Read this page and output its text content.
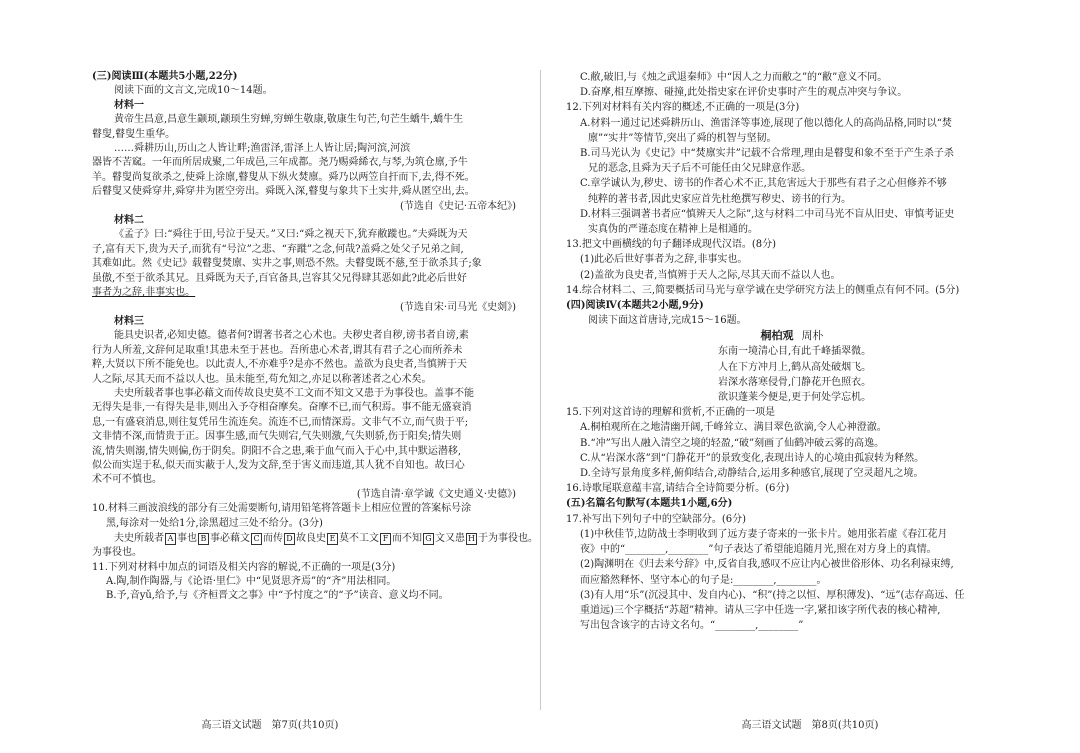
(三)阅读Ⅲ(本题共5小题,22分)
阅读下面的文言文,完成10～14题。
材料一
黄帝生昌意,昌意生颛顼,颛顼生穷蝉,穷蝉生敬康,敬康生句芒,句芒生蟜牛,蟜牛生
瞽叟,瞽叟生重华。
……舜耕历山,历山之人皆让畔;渔雷泽,雷泽上人皆让居;陶河滨,河滨
器皆不苦窳。一年而所居成聚,二年成邑,三年成都。尧乃赐舜絺衣,与琴,为筑仓廪,予牛
羊。瞽叟尚复欲杀之,使舜上涂廪,瞽叟从下纵火焚廪。舜乃以两笠自扞而下,去,得不死。
后瞽叟又使舜穿井,舜穿井为匿空旁出。舜既入深,瞽叟与象共下土实井,舜从匿空出,去。
(节选自《史记·五帝本纪》)
材料二
《孟子》曰:“舜往于田,号泣于旻天。”又曰:“舜之视天下,犹弃敝蹝也。”夫舜既为天
子,富有天下,贵为天子,而犹有“号泣”之悲、“弃蹝”之念,何哉?盖舜之处父子兄弟之间,
其难如此。然《史记》载瞽叟焚廪、实井之事,则恐不然。夫瞽叟既不慈,至于欲杀其子;象
虽傲,不至于欲杀其兄。且舜既为天子,百官备具,岂容其父兄得肆其恶如此?此必后世好
事者为之辞,非事实也。
(节选自宋·司马光《史剡》)
材料三
能具史识者,必知史德。德者何?谓著书者之心术也。夫秽史者自秽,谤书者自谤,素
行为人所羞,文辞何足取重!其患未至于甚也。吾所患心术者,谓其有君子之心而所养未
粹,大贤以下所不能免也。以此责人,不亦难乎?是亦不然也。盖欲为良史者,当慎辨于天
人之际,尽其天而不益以人也。虽未能至,苟允知之,亦足以称著述者之心术矣。
夫史所载者事也事必藉文而传故良史莫不工文而不知文又患于为事役也。盖事不能
无得失是非,一有得失是非,则出入予夺相奋摩矣。奋摩不已,而气积焉。事不能无盛衰消
息,一有盛衰消息,则往复凭吊生流连矣。流连不已,而情深焉。文非气不立,而气贵于平;
文非情不深,而情贵于正。因事生感,而气失则宕,气失则激,气失则骄,伤于阳矣;情失则
流,情失则溺,情失则偏,伤于阴矣。阴阳不合之患,乘于血气而入于心中,其中默运潜移,
似公而实逞于私,似天而实蔽于人,发为文辞,至于害义而违道,其人犹不自知也。故曰心
术不可不慎也。
(节选自清·章学诚《文史通义·史德》)
10.材料三画波浪线的部分有三处需要断句,请用铅笔将答题卡上相应位置的答案标号涂
黑,每涂对一处给1分,涂黑超过三处不给分。(3分)
夫史所载者 A 事也 B 事必藉文 C 而传 D 故良史 E 莫不工文 F 而不知 G 文又患 H 于为事役也。
为事役也。
11.下列对材料中加点的词语及相关内容的解说,不正确的一项是(3分)
A.陶,制作陶器,与《论语·里仁》中“见贤思齐焉”的“齐”用法相同。
B.予,音yǔ,给予,与《齐桓晋文之事》中“予忖度之”的“予”读音、意义均不同。
C.敝,破旧,与《烛之武退秦师》中“因人之力而敝之”的“敝”意义不同。
D.奋摩,相互摩擦、碰撞,此处指史家在评价史事时产生的观点冲突与争议。
12.下列对材料有关内容的概述,不正确的一项是(3分)
A.材料一通过记述舜耕历山、渔雷泽等事迹,展现了他以德化人的高尚品格,同时以“焚
廪”“实井”等情节,突出了舜的机智与坚韧。
B.司马光认为《史记》中“焚廪实井”记载不合常理,理由是瞽叟和象不至于产生杀子杀
兄的恶念,且舜为天子后不可能任由父兄肆意作恶。
C.章学诚认为,秽史、谤书的作者心术不正,其危害远大于那些有君子之心但修养不够
纯粹的著书者,因此史家应首先杜绝撰写秽史、谤书的行为。
D.材料三强调著书者应“慎辨天人之际”,这与材料二中司马光不盲从旧史、审慎考证史
实真伪的严谨态度在精神上是相通的。
13.把文中画横线的句子翻译成现代汉语。(8分)
(1)此必后世好事者为之辞,非事实也。
(2)盖欲为良史者,当慎辨于天人之际,尽其天而不益以人也。
14.综合材料二、三,简要概括司马光与章学诚在史学研究方法上的侧重点有何不同。(5分)
(四)阅读Ⅳ(本题共2小题,9分)
阅读下面这首唐诗,完成15～16题。
桐柏观 周朴
东南一境清心目,有此千峰插翠微。
人在下方冲月上,鹤从高处破烟飞。
岩深水落寒侵骨,门静花开色照衣。
欲识蓬莱今便是,更于何处学忘机。
15.下列对这首诗的理解和赏析,不正确的一项是
A.桐柏观所在之地清幽开阔,千峰耸立、满目翠色欲滴,令人心神澄澈。
B.“冲”写出人融入清空之境的轻盈,“破”刻画了仙鹤冲破云雾的高逸。
C.从“岩深水落”到“门静花开”的景致变化,表现出诗人的心境由孤寂转为释然。
D.全诗写景角度多样,俯仰结合,动静结合,运用多种感官,展现了空灵超凡之境。
16.诗歌尾联意蕴丰富,请结合全诗简要分析。(6分)
(五)名篇名句默写(本题共1小题,6分)
17.补写出下列句子中的空缺部分。(6分)
(1)中秋佳节,边防战士李明收到了远方妻子寄来的一张卡片。她用张若虚《春江花月
夜》中的“________,________”句子表达了希望能追随月光,照在对方身上的真情。
(2)陶渊明在《归去来兮辞》中,反省自我,感叹不应让内心被世俗形体、功名利禄束缚,
而应豁然释怀、坚守本心的句子是:________,________。
(3)有人用“乐”(沉浸其中、发自内心)、“积”(持之以恒、厚积薄发)、“远”(志存高远、任
重道远)三个字概括“苏超”精神。请从三字中任选一字,紧扣该字所代表的核心精神,
写出包含该字的古诗文名句。“________,________”
高三语文试题　第7页(共10页)	高三语文试题　第8页(共10页)
